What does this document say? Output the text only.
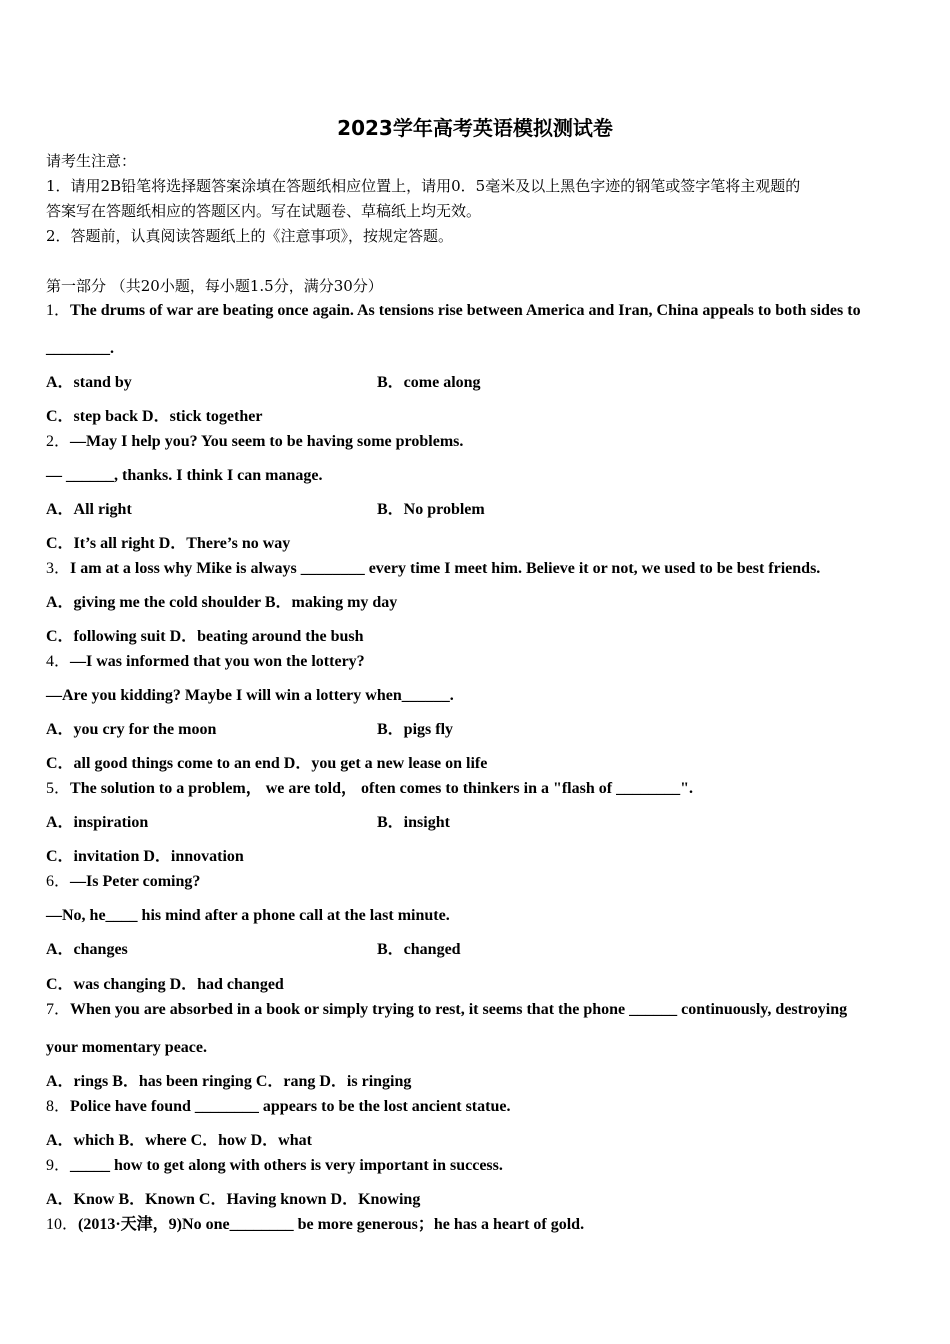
2023学年高考英语模拟测试卷
请考生注意：
1．请用2B铅笔将选择题答案涂填在答题纸相应位置上，请用0．5毫米及以上黑色字迹的钢笔或签字笔将主观题的
答案写在答题纸相应的答题区内。写在试题卷、草稿纸上均无效。
2．答题前，认真阅读答题纸上的《注意事项》，按规定答题。
第一部分 （共20小题，每小题1.5分，满分30分）
1．The drums of war are beating once again. As tensions rise between America and Iran, China appeals to both sides to
________.
A．stand by	B．come along
C．step back D．stick together
2．—May I help you? You seem to be having some problems.
— ______, thanks. I think I can manage.
A．All right	B．No problem
C．It’s all right D．There’s no way
3．I am at a loss why Mike is always ________ every time I meet him. Believe it or not, we used to be best friends.
A．giving me the cold shoulder B．making my day
C．following suit D．beating around the bush
4．—I was informed that you won the lottery?
—Are you kidding? Maybe I will win a lottery when______.
A．you cry for the moon	B．pigs fly
C．all good things come to an end D．you get a new lease on life
5．The solution to a problem， we are told， often comes to thinkers in a "flash of ________".
A．inspiration	B．insight
C．invitation D．innovation
6．—Is Peter coming?
—No, he____ his mind after a phone call at the last minute.
A．changes	B．changed
C．was changing D．had changed
7．When you are absorbed in a book or simply trying to rest, it seems that the phone ______ continuously, destroying
your momentary peace.
A．rings B．has been ringing C．rang D．is ringing
8．Police have found ________ appears to be the lost ancient statue.
A．which B．where C．how D．what
9．_____ how to get along with others is very important in success.
A．Know B．Known C．Having known D．Knowing
10．(2013·天津，9)No one________ be more generous；he has a heart of gold.
